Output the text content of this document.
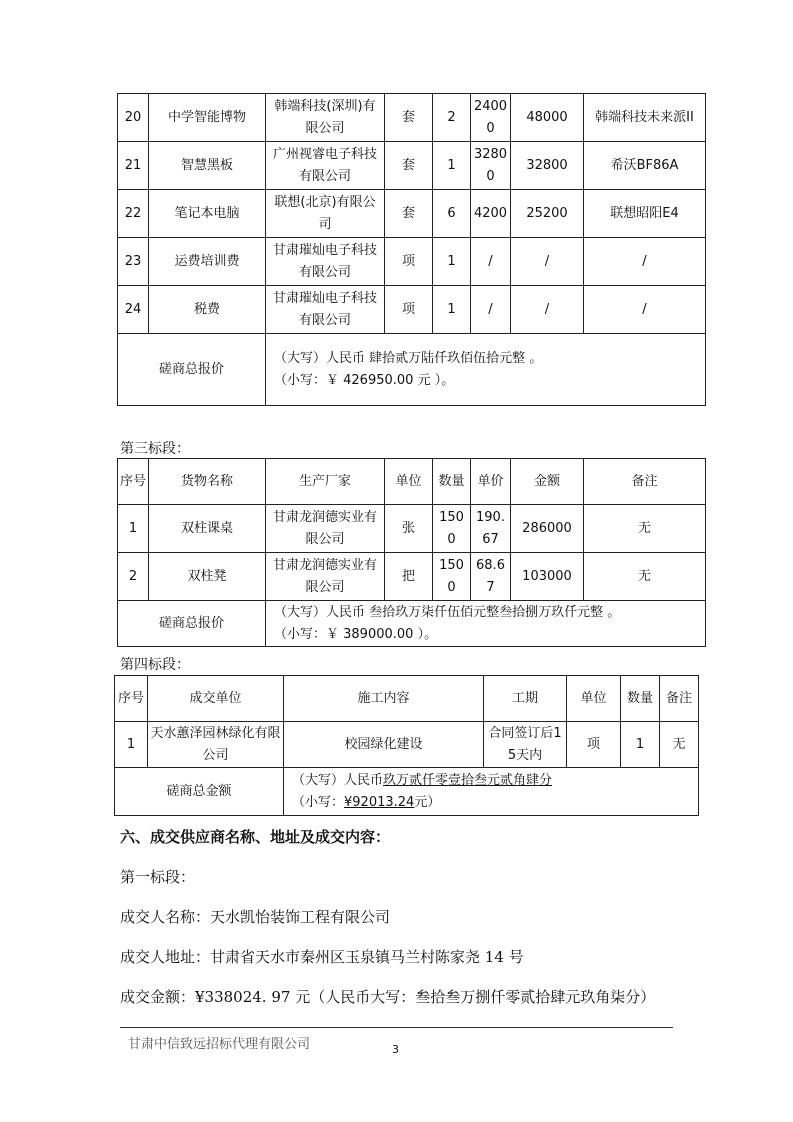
20	中学智能博物	韩端科技(深圳)有限公司	套	2	24000	48000	韩端科技未来派II
21	智慧黑板	广州视睿电子科技有限公司	套	1	32800	32800	希沃BF86A
22	笔记本电脑	联想(北京)有限公司	套	6	4200	25200	联想昭阳E4
23	运费培训费	甘肃璀灿电子科技有限公司	项	1	/	/	/
24	税费	甘肃璀灿电子科技有限公司	项	1	/	/	/
磋商总报价		（大写）人民币 肆拾贰万陆仟玖佰伍拾元整 。
（小写：￥ 426950.00 元 ）。					
第三标段：
序号	货物名称	生产厂家	单位	数量	单价	金额	备注
1	双柱课桌	甘肃龙润德实业有限公司	张	1500	190.67	286000	无
2	双柱凳	甘肃龙润德实业有限公司	把	1500	68.67	103000	无
磋商总报价		（大写）人民币 叁拾玖万柒仟伍佰元整叁拾捌万玖仟元整 。
（小写：￥ 389000.00 ）。					
第四标段：
序号	成交单位	施工内容	工期	单位	数量	备注
1	天水蕙泽园林绿化有限公司	校园绿化建设	合同签订后15天内	项	1	无
磋商总金额		（大写）人民币玖万贰仟零壹拾叁元贰角肆分
（小写：¥92013.24元）				
六、成交供应商名称、地址及成交内容：
第一标段：
成交人名称：天水凯怡装饰工程有限公司
成交人地址：甘肃省天水市秦州区玉泉镇马兰村陈家尧 14 号
成交金额：¥338024. 97 元（人民币大写：叁拾叁万捌仟零贰拾肆元玖角柒分）
甘肃中信致远招标代理有限公司	3
